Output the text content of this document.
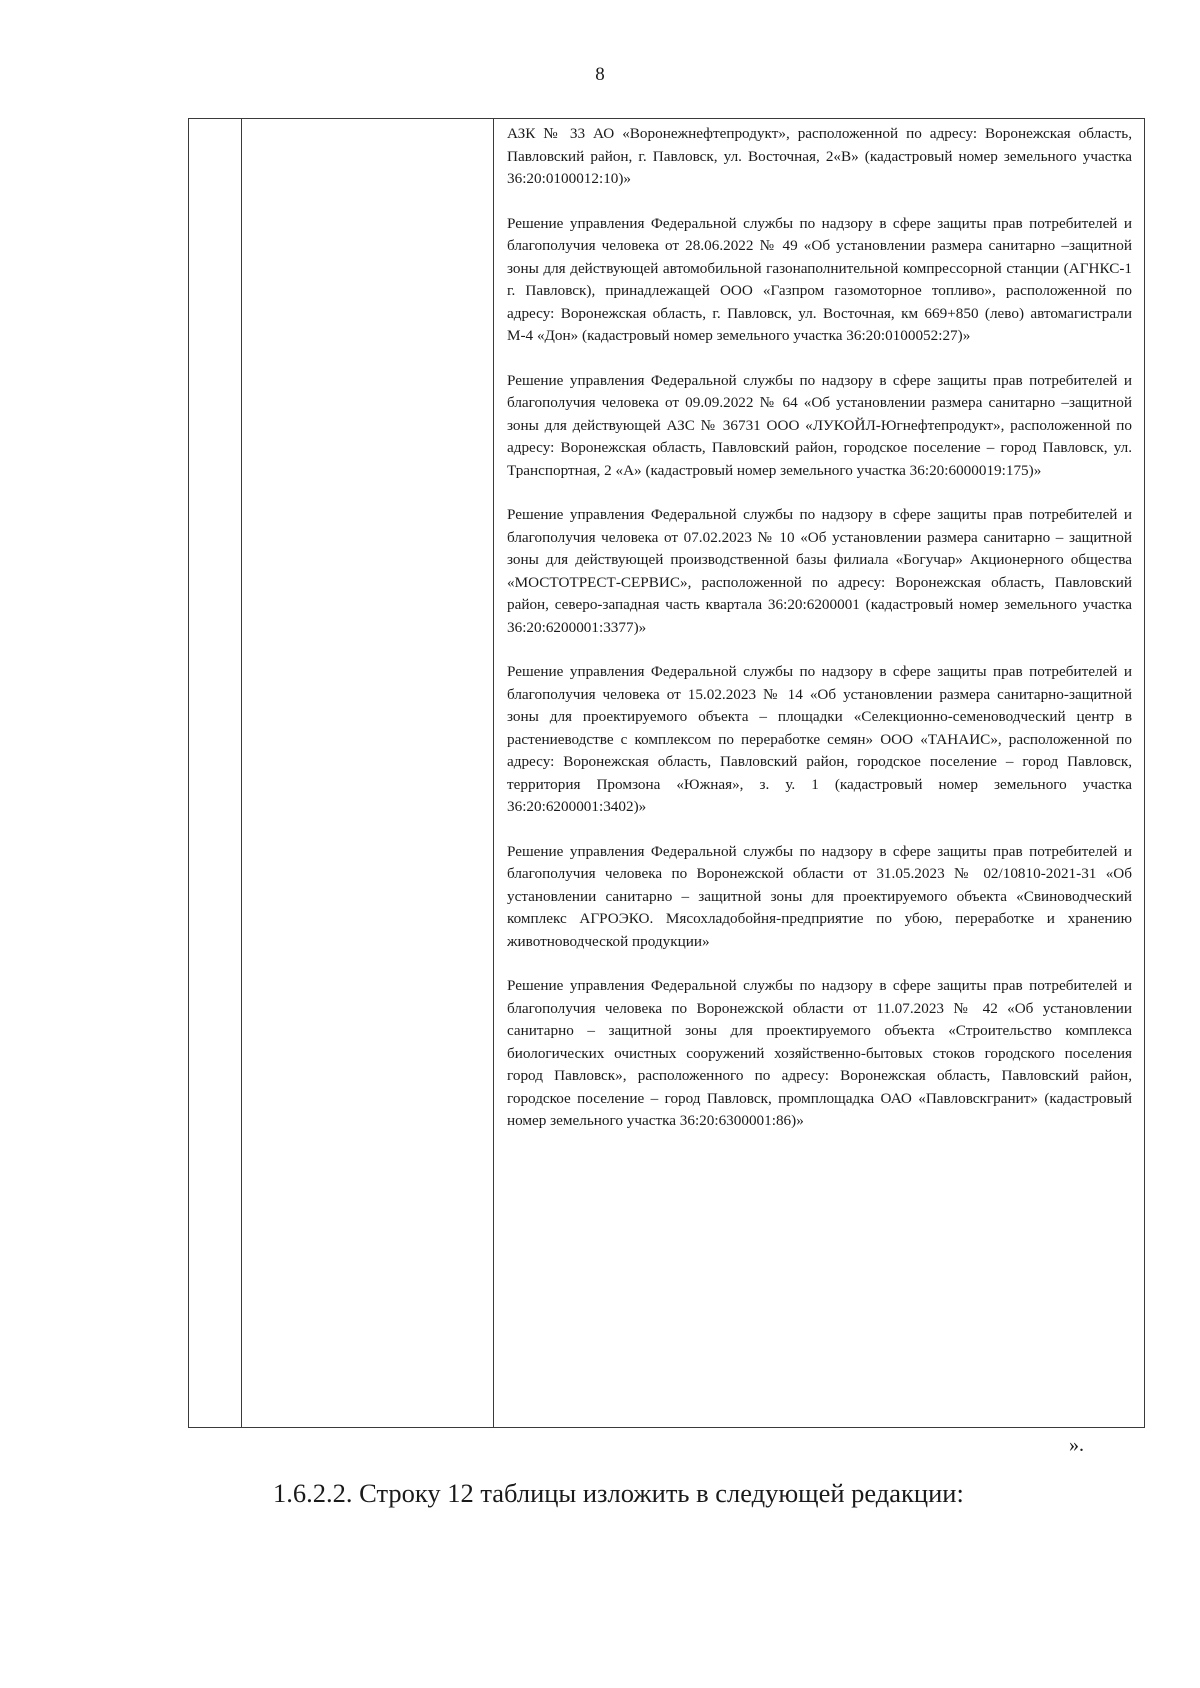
8

АЗК № 33 АО «Воронежнефтепродукт», расположенной по адресу: Воронежская область, Павловский район, г. Павловск, ул. Восточная, 2«В» (кадастровый номер земельного участка 36:20:0100012:10)»

Решение управления Федеральной службы по надзору в сфере защиты прав потребителей и благополучия человека от 28.06.2022 № 49 «Об установлении размера санитарно –защитной зоны для действующей автомобильной газонаполнительной компрессорной станции (АГНКС-1 г. Павловск), принадлежащей ООО «Газпром газомоторное топливо», расположенной по адресу: Воронежская область, г. Павловск, ул. Восточная, км 669+850 (лево) автомагистрали М-4 «Дон» (кадастровый номер земельного участка 36:20:0100052:27)»

Решение управления Федеральной службы по надзору в сфере защиты прав потребителей и благополучия человека от 09.09.2022 № 64 «Об установлении размера санитарно –защитной зоны для действующей АЗС № 36731 ООО «ЛУКОЙЛ-Югнефтепродукт», расположенной по адресу: Воронежская область, Павловский район, городское поселение – город Павловск, ул. Транспортная, 2 «А» (кадастровый номер земельного участка 36:20:6000019:175)»

Решение управления Федеральной службы по надзору в сфере защиты прав потребителей и благополучия человека от 07.02.2023 № 10 «Об установлении размера санитарно – защитной зоны для действующей производственной базы филиала «Богучар» Акционерного общества «МОСТОТРЕСТ-СЕРВИС», расположенной по адресу: Воронежская область, Павловский район, северо-западная часть квартала 36:20:6200001 (кадастровый номер земельного участка 36:20:6200001:3377)»

Решение управления Федеральной службы по надзору в сфере защиты прав потребителей и благополучия человека от 15.02.2023 № 14 «Об установлении размера санитарно-защитной зоны для проектируемого объекта – площадки «Селекционно-семеноводческий центр в растениеводстве с комплексом по переработке семян» ООО «ТАНАИС», расположенной по адресу: Воронежская область, Павловский район, городское поселение – город Павловск, территория Промзона «Южная», з. у. 1 (кадастровый номер земельного участка 36:20:6200001:3402)»

Решение управления Федеральной службы по надзору в сфере защиты прав потребителей и благополучия человека по Воронежской области от 31.05.2023 № 02/10810-2021-31 «Об установлении санитарно – защитной зоны для проектируемого объекта «Свиноводческий комплекс АГРОЭКО. Мясохладобойня-предприятие по убою, переработке и хранению животноводческой продукции»

Решение управления Федеральной службы по надзору в сфере защиты прав потребителей и благополучия человека по Воронежской области от 11.07.2023 № 42 «Об установлении санитарно – защитной зоны для проектируемого объекта «Строительство комплекса биологических очистных сооружений хозяйственно-бытовых стоков городского поселения город Павловск», расположенного по адресу: Воронежская область, Павловский район, городское поселение – город Павловск, промплощадка ОАО «Павловскгранит» (кадастровый номер земельного участка 36:20:6300001:86)»

».
1.6.2.2. Строку 12 таблицы изложить в следующей редакции:
